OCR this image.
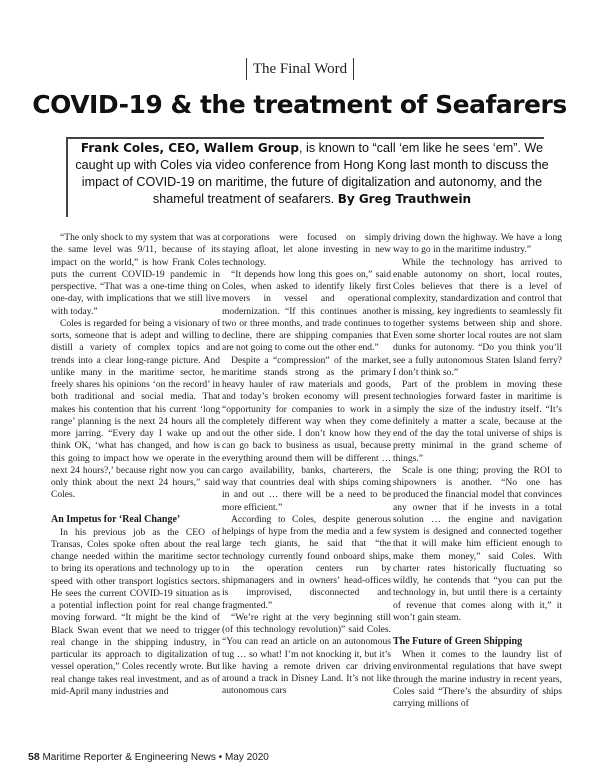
The Final Word
COVID-19 & the treatment of Seafarers
Frank Coles, CEO, Wallem Group, is known to “call ‘em like he sees ‘em”. We caught up with Coles via video conference from Hong Kong last month to discuss the impact of COVID-19 on maritime, the future of digitalization and autonomy, and the shameful treatment of seafarers. By Greg Trauthwein

“The only shock to my system that was at the same level was 9/11, because of its impact on the world,” is how Frank Coles puts the current COVID-19 pandemic in perspective. “That was a one-time thing on one-day, with implications that we still live with today.”

Coles is regarded for being a visionary of sorts, someone that is adept and willing to distill a variety of complex topics and trends into a clear long-range picture. And unlike many in the maritime sector, he freely shares his opinions ‘on the record’ in both traditional and social media. That makes his contention that his current ‘long range’ planning is the next 24 hours all the more jarring. “Every day I wake up and think OK, ‘what has changed, and how is this going to impact how we operate in the next 24 hours?,’ because right now you can only think about the next 24 hours,” said Coles.

An Impetus for ‘Real Change’

In his previous job as the CEO of Transas, Coles spoke often about the real change needed within the maritime sector to bring its operations and technology up to speed with other transport logistics sectors. He sees the current COVID-19 situation as a potential inflection point for real change moving forward. “It might be the kind of Black Swan event that we need to trigger real change in the shipping industry, in particular its approach to digitalization of vessel operation,” Coles recently wrote. But real change takes real investment, and as of mid-April many industries and

corporations were focused on simply staying afloat, let alone investing in new technology.

“It depends how long this goes on,” said Coles, when asked to identify likely first movers in vessel and operational modernization. “If this continues another two or three months, and trade continues to decline, there are shipping companies that are not going to come out the other end.”

Despite a “compression” of the market, maritime stands strong as the primary heavy hauler of raw materials and goods, and today’s broken economy will present “opportunity for companies to work in a completely different way when they come out the other side. I don’t know how they can go back to business as usual, because everything around them will be different … cargo availability, banks, charterers, the way that countries deal with ships coming in and out … there will be a need to be more efficient.”

According to Coles, despite generous helpings of hype from the media and a few large tech giants, he said that “the technology currently found onboard ships, in the operation centers run by shipmanagers and in owners’ head-offices is improvised, disconnected and fragmented.”

“We’re right at the very beginning still (of this technology revolution)” said Coles. “You can read an article on an autonomous tug … so what! I’m not knocking it, but it’s like having a remote driven car driving around a track in Disney Land. It’s not like autonomous cars

driving down the highway. We have a long way to go in the maritime industry.”

While the technology has arrived to enable autonomy on short, local routes, Coles believes that there is a level of complexity, standardization and control that is missing, key ingredients to seamlessly fit together systems between ship and shore. Even some shorter local routes are not slam dunks for autonomy. “Do you think you’ll see a fully autonomous Staten Island ferry? I don’t think so.”

Part of the problem in moving these technologies forward faster in maritime is simply the size of the industry itself. “It’s definitely a matter a scale, because at the end of the day the total universe of ships is pretty minimal in the grand scheme of things.”

Scale is one thing; proving the ROI to shipowners is another. “No one has produced the financial model that convinces any owner that if he invests in a total solution … the engine and navigation system is designed and connected together that it will make him efficient enough to make them money,” said Coles. With charter rates historically fluctuating so wildly, he contends that “you can put the technology in, but until there is a certainty of revenue that comes along with it,” it won’t gain steam.

The Future of Green Shipping

When it comes to the laundry list of environmental regulations that have swept through the marine industry in recent years, Coles said “There’s the absurdity of ships carrying millions of

58 Maritime Reporter & Engineering News • May 2020
